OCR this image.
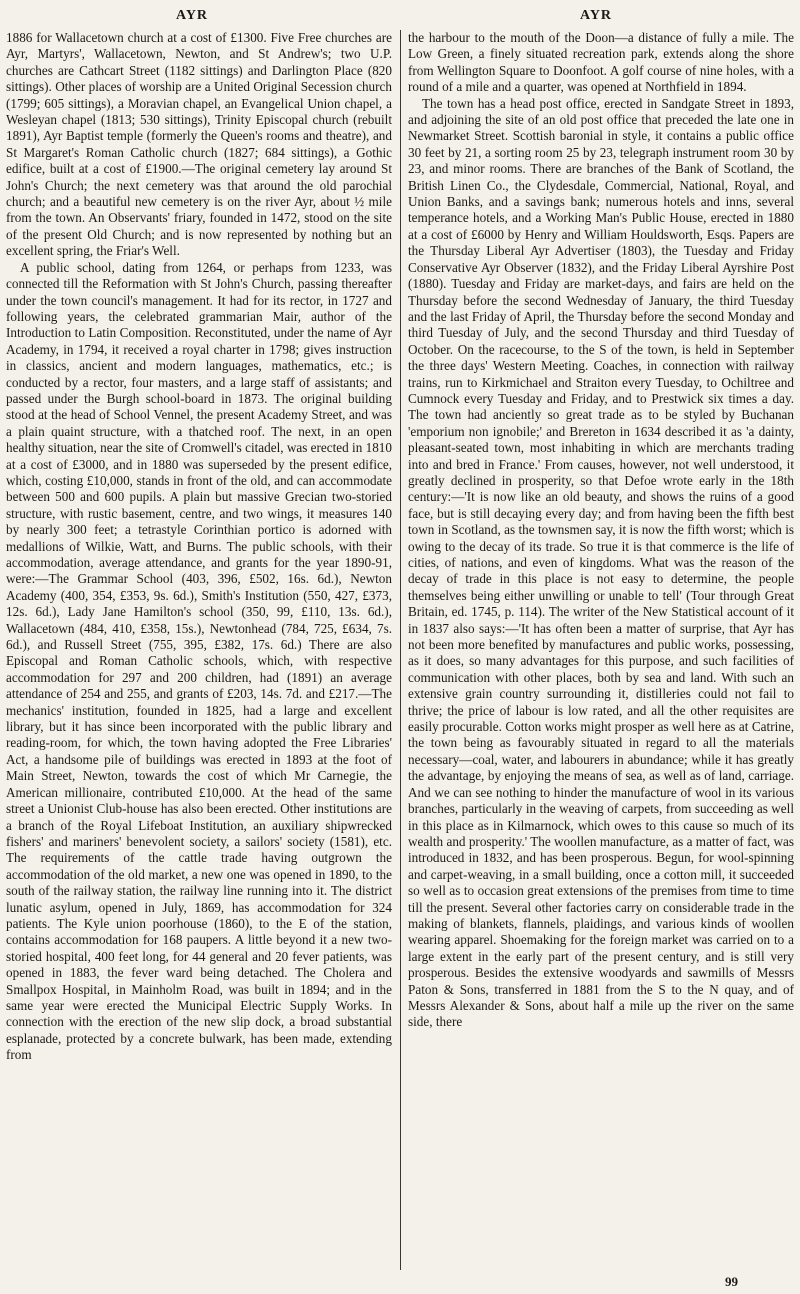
AYR	AYR

1886 for Wallacetown church at a cost of £1300. Five Free churches are Ayr, Martyrs', Wallacetown, Newton, and St Andrew's; two U.P. churches are Cathcart Street (1182 sittings) and Darlington Place (820 sittings). Other places of worship are a United Original Secession church (1799; 605 sittings), a Moravian chapel, an Evangelical Union chapel, a Wesleyan chapel (1813; 530 sittings), Trinity Episcopal church (rebuilt 1891), Ayr Baptist temple (formerly the Queen's rooms and theatre), and St Margaret's Roman Catholic church (1827; 684 sittings), a Gothic edifice, built at a cost of £1900.—The original cemetery lay around St John's Church; the next cemetery was that around the old parochial church; and a beautiful new cemetery is on the river Ayr, about ½ mile from the town. An Observants' friary, founded in 1472, stood on the site of the present Old Church; and is now represented by nothing but an excellent spring, the Friar's Well.

A public school, dating from 1264, or perhaps from 1233, was connected till the Reformation with St John's Church, passing thereafter under the town council's management. It had for its rector, in 1727 and following years, the celebrated grammarian Mair, author of the Introduction to Latin Composition. Reconstituted, under the name of Ayr Academy, in 1794, it received a royal charter in 1798; gives instruction in classics, ancient and modern languages, mathematics, etc.; is conducted by a rector, four masters, and a large staff of assistants; and passed under the Burgh school-board in 1873. The original building stood at the head of School Vennel, the present Academy Street, and was a plain quaint structure, with a thatched roof. The next, in an open healthy situation, near the site of Cromwell's citadel, was erected in 1810 at a cost of £3000, and in 1880 was superseded by the present edifice, which, costing £10,000, stands in front of the old, and can accommodate between 500 and 600 pupils. A plain but massive Grecian two-storied structure, with rustic basement, centre, and two wings, it measures 140 by nearly 300 feet; a tetrastyle Corinthian portico is adorned with medallions of Wilkie, Watt, and Burns. The public schools, with their accommodation, average attendance, and grants for the year 1890-91, were:—The Grammar School (403, 396, £502, 16s. 6d.), Newton Academy (400, 354, £353, 9s. 6d.), Smith's Institution (550, 427, £373, 12s. 6d.), Lady Jane Hamilton's school (350, 99, £110, 13s. 6d.), Wallacetown (484, 410, £358, 15s.), Newtonhead (784, 725, £634, 7s. 6d.), and Russell Street (755, 395, £382, 17s. 6d.) There are also Episcopal and Roman Catholic schools, which, with respective accommodation for 297 and 200 children, had (1891) an average attendance of 254 and 255, and grants of £203, 14s. 7d. and £217.—The mechanics' institution, founded in 1825, had a large and excellent library, but it has since been incorporated with the public library and reading-room, for which, the town having adopted the Free Libraries' Act, a handsome pile of buildings was erected in 1893 at the foot of Main Street, Newton, towards the cost of which Mr Carnegie, the American millionaire, contributed £10,000. At the head of the same street a Unionist Club-house has also been erected. Other institutions are a branch of the Royal Lifeboat Institution, an auxiliary shipwrecked fishers' and mariners' benevolent society, a sailors' society (1581), etc. The requirements of the cattle trade having outgrown the accommodation of the old market, a new one was opened in 1890, to the south of the railway station, the railway line running into it. The district lunatic asylum, opened in July, 1869, has accommodation for 324 patients. The Kyle union poorhouse (1860), to the E of the station, contains accommodation for 168 paupers. A little beyond it a new two-storied hospital, 400 feet long, for 44 general and 20 fever patients, was opened in 1883, the fever ward being detached. The Cholera and Smallpox Hospital, in Mainholm Road, was built in 1894; and in the same year were erected the Municipal Electric Supply Works. In connection with the erection of the new slip dock, a broad substantial esplanade, protected by a concrete bulwark, has been made, extending from

the harbour to the mouth of the Doon—a distance of fully a mile. The Low Green, a finely situated recreation park, extends along the shore from Wellington Square to Doonfoot. A golf course of nine holes, with a round of a mile and a quarter, was opened at Northfield in 1894.

The town has a head post office, erected in Sandgate Street in 1893, and adjoining the site of an old post office that preceded the late one in Newmarket Street. Scottish baronial in style, it contains a public office 30 feet by 21, a sorting room 25 by 23, telegraph instrument room 30 by 23, and minor rooms. There are branches of the Bank of Scotland, the British Linen Co., the Clydesdale, Commercial, National, Royal, and Union Banks, and a savings bank; numerous hotels and inns, several temperance hotels, and a Working Man's Public House, erected in 1880 at a cost of £6000 by Henry and William Houldsworth, Esqs. Papers are the Thursday Liberal Ayr Advertiser (1803), the Tuesday and Friday Conservative Ayr Observer (1832), and the Friday Liberal Ayrshire Post (1880). Tuesday and Friday are market-days, and fairs are held on the Thursday before the second Wednesday of January, the third Tuesday and the last Friday of April, the Thursday before the second Monday and third Tuesday of July, and the second Thursday and third Tuesday of October. On the racecourse, to the S of the town, is held in September the three days' Western Meeting. Coaches, in connection with railway trains, run to Kirkmichael and Straiton every Tuesday, to Ochiltree and Cumnock every Tuesday and Friday, and to Prestwick six times a day. The town had anciently so great trade as to be styled by Buchanan 'emporium non ignobile;' and Brereton in 1634 described it as 'a dainty, pleasant-seated town, most inhabiting in which are merchants trading into and bred in France.' From causes, however, not well understood, it greatly declined in prosperity, so that Defoe wrote early in the 18th century:—'It is now like an old beauty, and shows the ruins of a good face, but is still decaying every day; and from having been the fifth best town in Scotland, as the townsmen say, it is now the fifth worst; which is owing to the decay of its trade. So true it is that commerce is the life of cities, of nations, and even of kingdoms. What was the reason of the decay of trade in this place is not easy to determine, the people themselves being either unwilling or unable to tell' (Tour through Great Britain, ed. 1745, p. 114). The writer of the New Statistical account of it in 1837 also says:—'It has often been a matter of surprise, that Ayr has not been more benefited by manufactures and public works, possessing, as it does, so many advantages for this purpose, and such facilities of communication with other places, both by sea and land. With such an extensive grain country surrounding it, distilleries could not fail to thrive; the price of labour is low rated, and all the other requisites are easily procurable. Cotton works might prosper as well here as at Catrine, the town being as favourably situated in regard to all the materials necessary—coal, water, and labourers in abundance; while it has greatly the advantage, by enjoying the means of sea, as well as of land, carriage. And we can see nothing to hinder the manufacture of wool in its various branches, particularly in the weaving of carpets, from succeeding as well in this place as in Kilmarnock, which owes to this cause so much of its wealth and prosperity.' The woollen manufacture, as a matter of fact, was introduced in 1832, and has been prosperous. Begun, for wool-spinning and carpet-weaving, in a small building, once a cotton mill, it succeeded so well as to occasion great extensions of the premises from time to time till the present. Several other factories carry on considerable trade in the making of blankets, flannels, plaidings, and various kinds of woollen wearing apparel. Shoemaking for the foreign market was carried on to a large extent in the early part of the present century, and is still very prosperous. Besides the extensive woodyards and sawmills of Messrs Paton & Sons, transferred in 1881 from the S to the N quay, and of Messrs Alexander & Sons, about half a mile up the river on the same side, there

99
